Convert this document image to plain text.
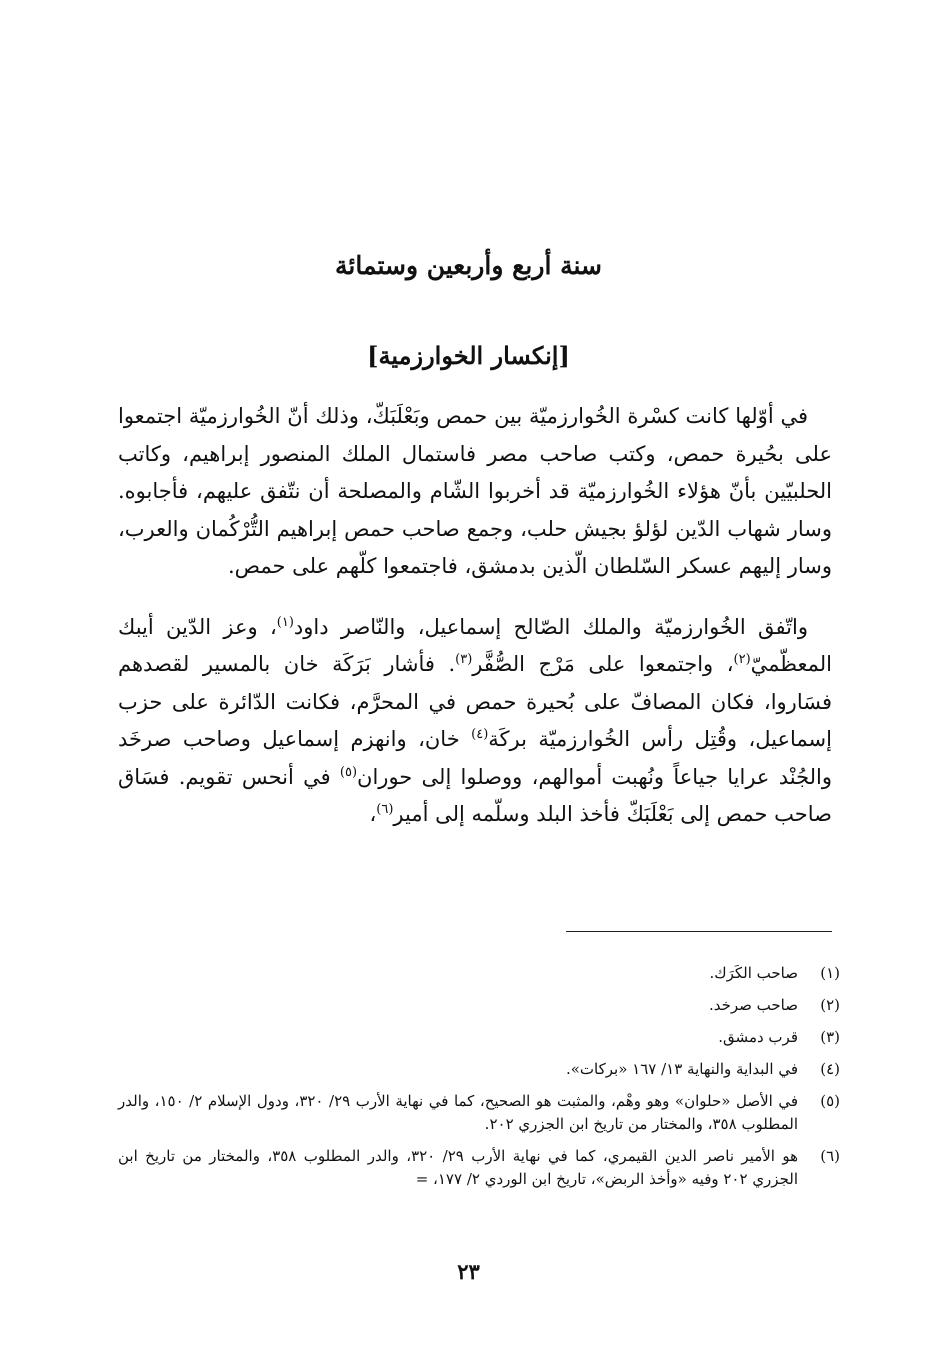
سنة أربع وأربعين وستمائة
[إنكسار الخوارزمية]

في أوّلها كانت كسْرة الخُوارزميّة بين حمص وبَعْلَبَكّ، وذلك أنّ الخُوارزميّة اجتمعوا على بحُيرة حمص، وكتب صاحب مصر فاستمال الملك المنصور إبراهيم، وكاتب الحلبيّين بأنّ هؤلاء الخُوارزميّة قد أخربوا الشّام والمصلحة أن نتّفق عليهم، فأجابوه. وسار شهاب الدّين لؤلؤ بجيش حلب، وجمع صاحب حمص إبراهيم التُّرْكُمان والعرب، وسار إليهم عسكر السّلطان الّذين بدمشق، فاجتمعوا كلّهم على حمص.

واتّفق الخُوارزميّة والملك الصّالح إسماعيل، والنّاصر داود$^{(١)}$، وعز الدّين أيبك المعظّميّ$^{(٢)}$، واجتمعوا على مَرْج الصُّفَّر$^{(٣)}$. فأشار بَرَكَة خان بالمسير لقصدهم فسَاروا، فكان المصافّ على بُحيرة حمص في المحرَّم، فكانت الدّائرة على حزب إسماعيل، وقُتِل رأس الخُوارزميّة بركَة$^{(٤)}$ خان، وانهزم إسماعيل وصاحب صرخَد والجُنْد عرايا جياعاً ونُهبت أموالهم، ووصلوا إلى حوران$^{(٥)}$ في أنحس تقويم. فسَاق صاحب حمص إلى بَعْلَبَكّ فأخذ البلد وسلّمه إلى أمير$^{(٦)}$،

(١)
صاحب الكَرَك.
(٢)
صاحب صرخد.
(٣)
قرب دمشق.
(٤)
في البداية والنهاية ١٣/ ١٦٧ «بركات».
(٥)
في الأصل «حلوان» وهو وهْم، والمثبت هو الصحيح، كما في نهاية الأرب ٢٩/ ٣٢٠، ودول الإسلام ٢/ ١٥٠، والدر المطلوب ٣٥٨، والمختار من تاريخ ابن الجزري ٢٠٢.
(٦)
هو الأمير ناصر الدين القيمري، كما في نهاية الأرب ٢٩/ ٣٢٠، والدر المطلوب ٣٥٨، والمختار من تاريخ ابن الجزري ٢٠٢ وفيه «وأخذ الربض»، تاريخ ابن الوردي ٢/ ١٧٧، =
٢٣
